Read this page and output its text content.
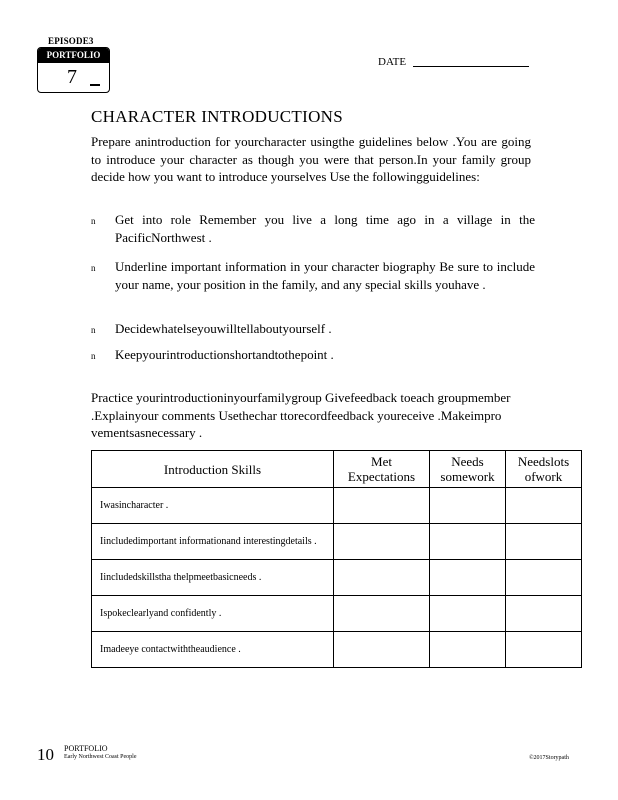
EPISODE3
PORTFOLIO
7
DATE
CHARACTER INTRODUCTIONS
Prepare anintroduction for yourcharacter usingthe guidelines below .You are going to introduce your character as though you were that person.In your family group decide how you want to introduce yourselves Use the followingguidelines:
n Get into role Remember you live a long time ago in a village in the PacificNorthwest .
n Underline important information in your character biography Be sure to include your name, your position in the family, and any special skills youhave .
n Decidewhatelseyouwilltellaboutyourself .
n Keepyourintroductionshortandtothepoint .
Practice yourintroductioninyourfamilygroup Givefeedback toeach groupmember .Explainyour comments Usethechar ttorecordfeedback youreceive .Makeimpro vementsasnecessary .
Introduction Skills	Met Expectations	Needs somework	Needslots ofwork
Iwasincharacter .			
Iincludedimportant informationand interestingdetails .			
Iincludedskillstha thelpmeetbasicneeds .			
Ispokeclearlyand confidently .			
Imadeeye contactwiththeaudience .			
10 PORTFOLIO
Early Northwest Coast People	©2017Storypath
